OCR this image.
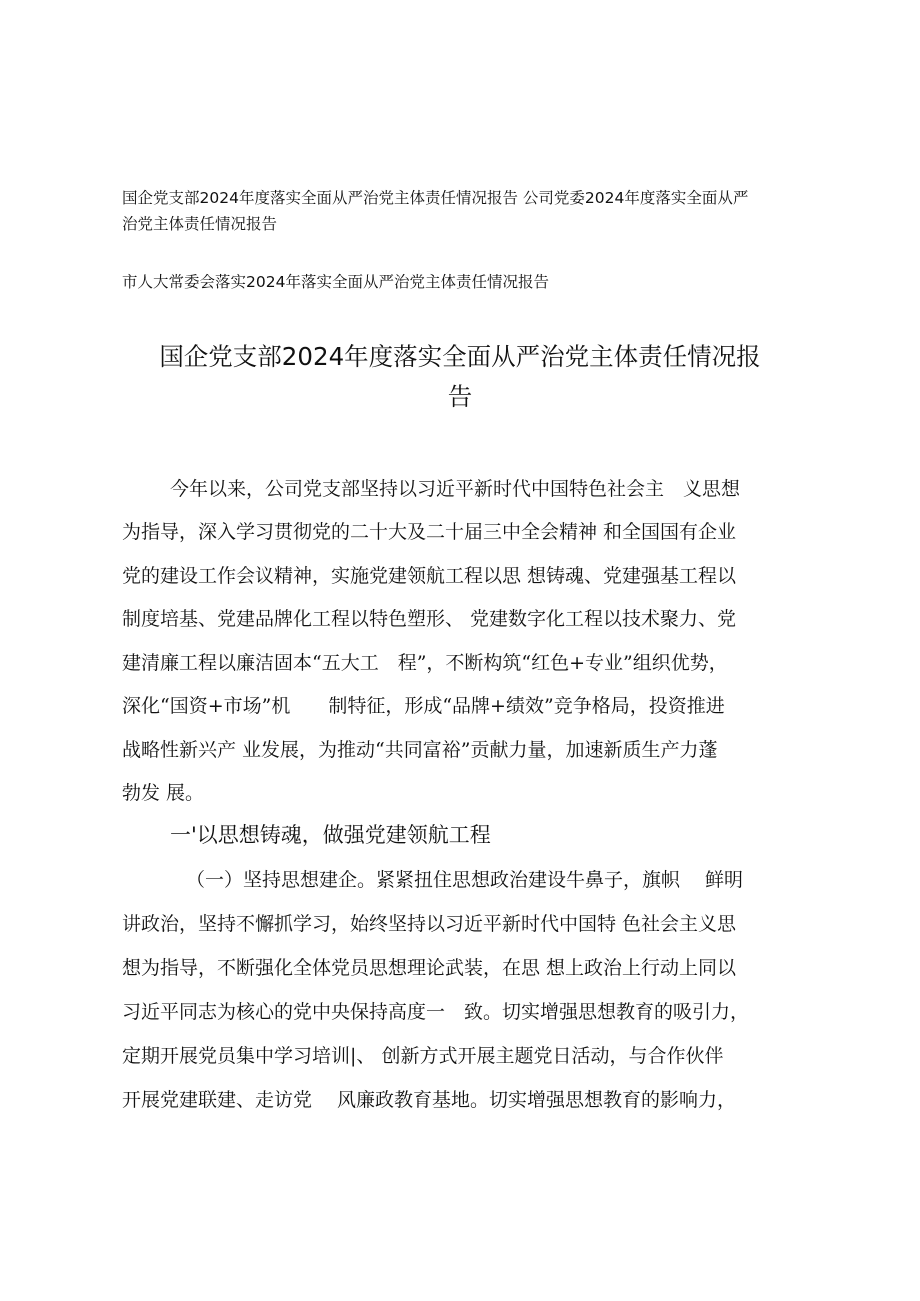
国企党支部2024年度落实全面从严治党主体责任情况报告 公司党委2024年度落实全面从严
治党主体责任情况报告
市人大常委会落实2024年落实全面从严治党主体责任情况报告
国企党支部2024年度落实全面从严治党主体责任情况报
告
今年以来，公司党支部坚持以习近平新时代中国特色社会主　义思想
为指导，深入学习贯彻党的二十大及二十届三中全会精神 和全国国有企业
党的建设工作会议精神，实施党建领航工程以思 想铸魂、党建强基工程以
制度培基、党建品牌化工程以特色塑形、 党建数字化工程以技术聚力、党
建清廉工程以廉洁固本“五大工　程”，不断构筑“红色+专业”组织优势，
深化“国资+市场”机　　制特征，形成“品牌+绩效”竞争格局，投资推进
战略性新兴产 业发展，为推动“共同富裕”贡献力量，加速新质生产力蓬
勃发 展。
一'以思想铸魂，做强党建领航工程
（一）坚持思想建企。紧紧扭住思想政治建设牛鼻子，旗帜　 鲜明
讲政治，坚持不懈抓学习，始终坚持以习近平新时代中国特 色社会主义思
想为指导，不断强化全体党员思想理论武装，在思 想上政治上行动上同以
习近平同志为核心的党中央保持高度一　致。切实增强思想教育的吸引力，
定期开展党员集中学习培训|、 创新方式开展主题党日活动，与合作伙伴
开展党建联建、走访党　 风廉政教育基地。切实增强思想教育的影响力，
